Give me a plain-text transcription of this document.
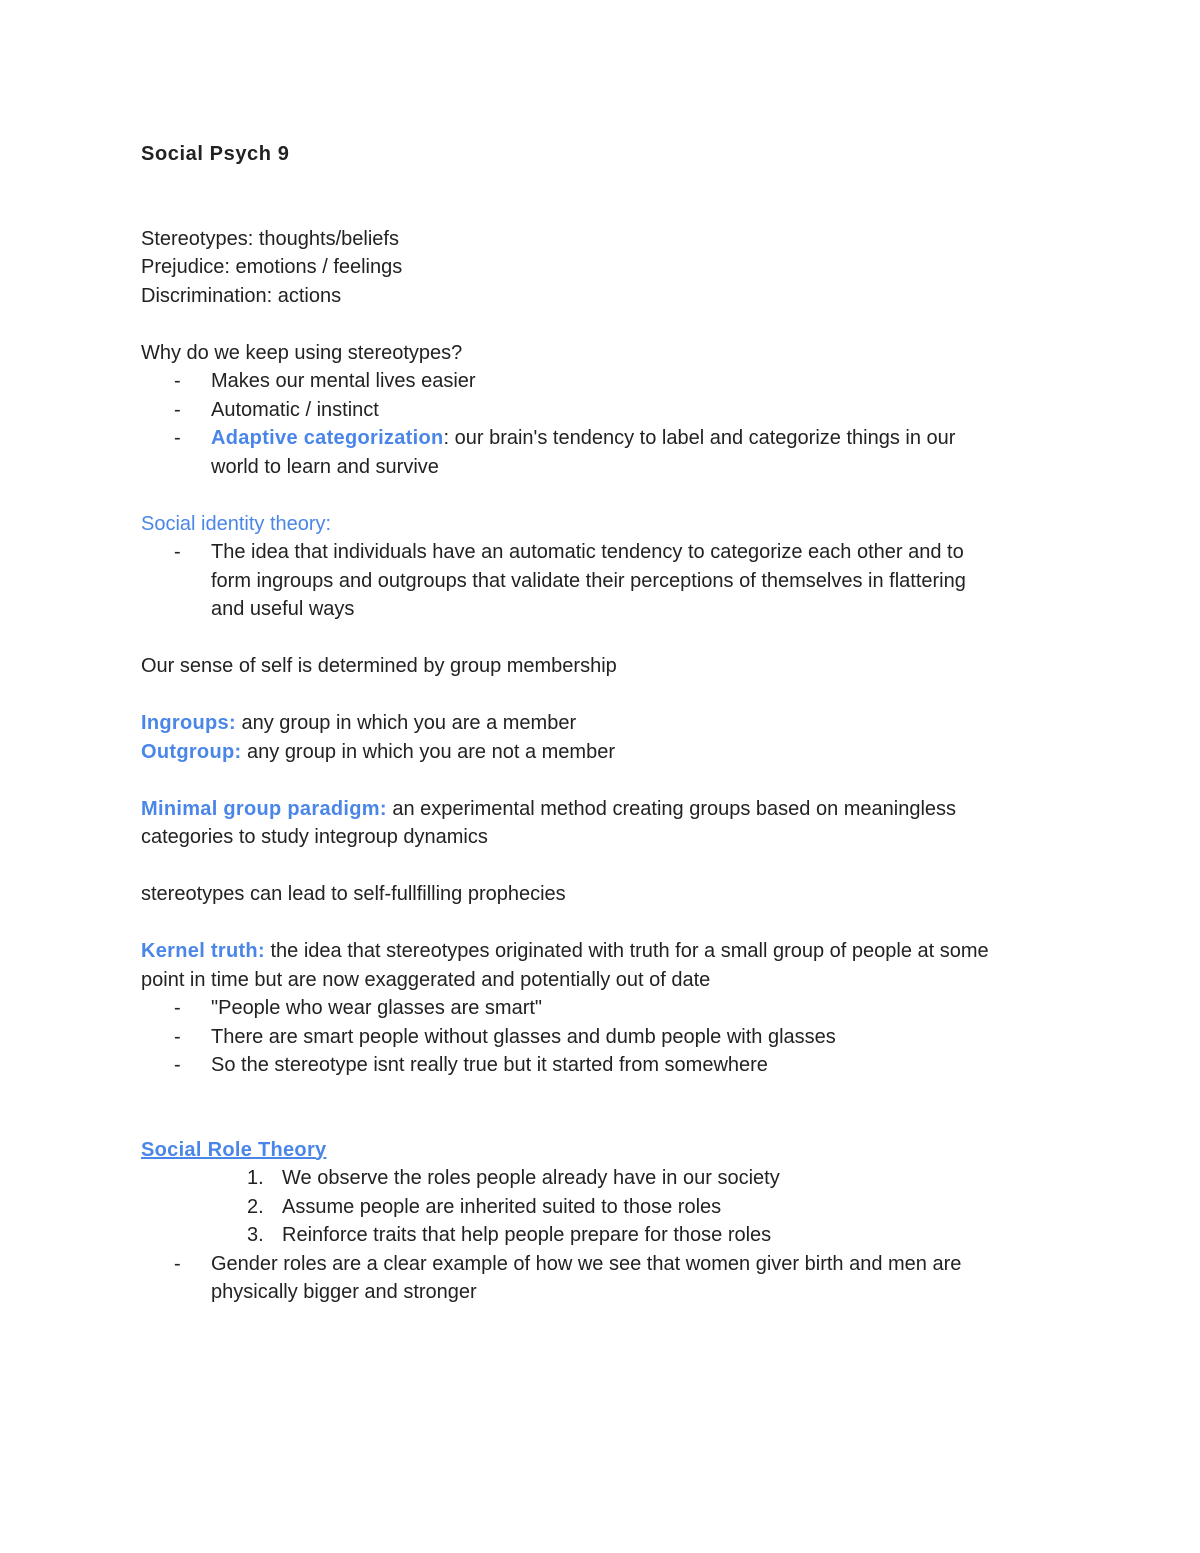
Social Psych 9
Stereotypes: thoughts/beliefs
Prejudice: emotions / feelings
Discrimination: actions
Why do we keep using stereotypes?
- Makes our mental lives easier
- Automatic / instinct
- Adaptive categorization: our brain's tendency to label and categorize things in our
world to learn and survive
Social identity theory:
- The idea that individuals have an automatic tendency to categorize each other and to
form ingroups and outgroups that validate their perceptions of themselves in flattering
and useful ways
Our sense of self is determined by group membership
Ingroups: any group in which you are a member
Outgroup: any group in which you are not a member
Minimal group paradigm: an experimental method creating groups based on meaningless
categories to study integroup dynamics
stereotypes can lead to self-fullfilling prophecies
Kernel truth: the idea that stereotypes originated with truth for a small group of people at some
point in time but are now exaggerated and potentially out of date
- "People who wear glasses are smart"
- There are smart people without glasses and dumb people with glasses
- So the stereotype isnt really true but it started from somewhere
Social Role Theory
1. We observe the roles people already have in our society
2. Assume people are inherited suited to those roles
3. Reinforce traits that help people prepare for those roles
- Gender roles are a clear example of how we see that women giver birth and men are
physically bigger and stronger
